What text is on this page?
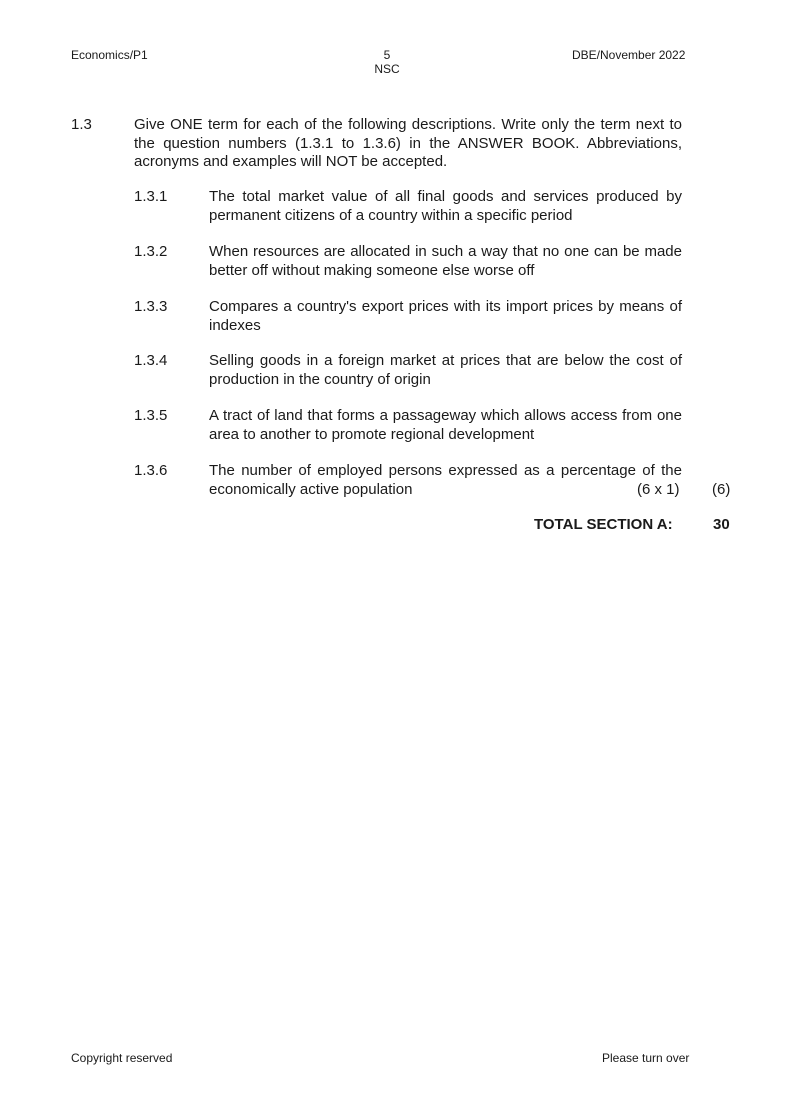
Economics/P1	5
NSC
DBE/November 2022
1.3	Give ONE term for each of the following descriptions. Write only the term next to the question numbers (1.3.1 to 1.3.6) in the ANSWER BOOK. Abbreviations, acronyms and examples will NOT be accepted.
1.3.1	The total market value of all final goods and services produced by permanent citizens of a country within a specific period
1.3.2	When resources are allocated in such a way that no one can be made better off without making someone else worse off
1.3.3	Compares a country's export prices with its import prices by means of indexes
1.3.4	Selling goods in a foreign market at prices that are below the cost of production in the country of origin
1.3.5	A tract of land that forms a passageway which allows access from one area to another to promote regional development
1.3.6	The number of employed persons expressed as a percentage of the economically active population	(6 x 1) (6)
TOTAL SECTION A:	30
Copyright reserved	Please turn over
